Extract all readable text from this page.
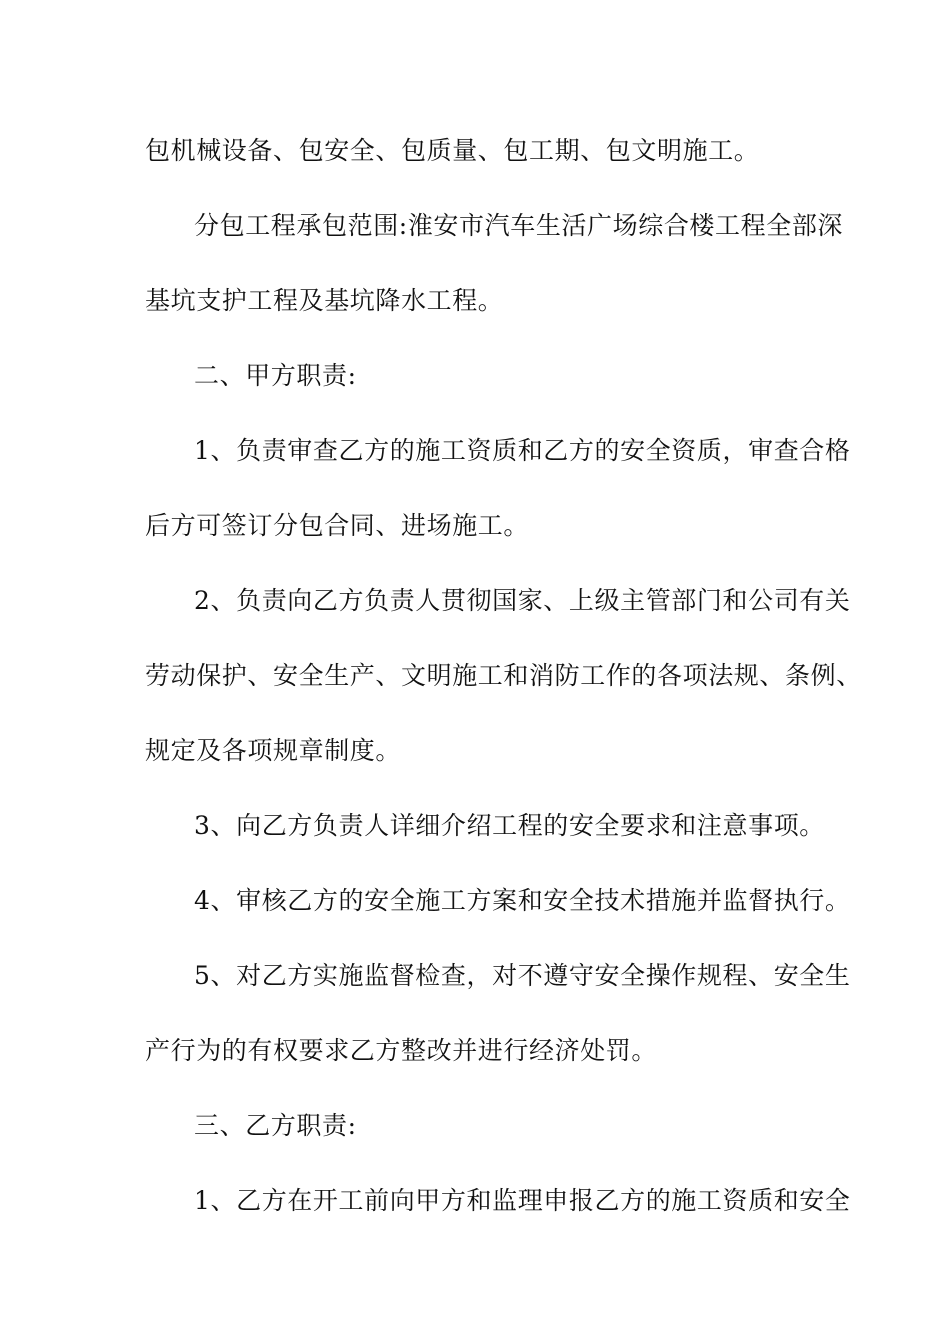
包机械设备、包安全、包质量、包工期、包文明施工。
分包工程承包范围:淮安市汽车生活广场综合楼工程全部深
基坑支护工程及基坑降水工程。
二、甲方职责:
1、负责审查乙方的施工资质和乙方的安全资质，审查合格
后方可签订分包合同、进场施工。
2、负责向乙方负责人贯彻国家、上级主管部门和公司有关
劳动保护、安全生产、文明施工和消防工作的各项法规、条例、
规定及各项规章制度。
3、向乙方负责人详细介绍工程的安全要求和注意事项。
4、审核乙方的安全施工方案和安全技术措施并监督执行。
5、对乙方实施监督检查，对不遵守安全操作规程、安全生
产行为的有权要求乙方整改并进行经济处罚。
三、乙方职责:
1、乙方在开工前向甲方和监理申报乙方的施工资质和安全
